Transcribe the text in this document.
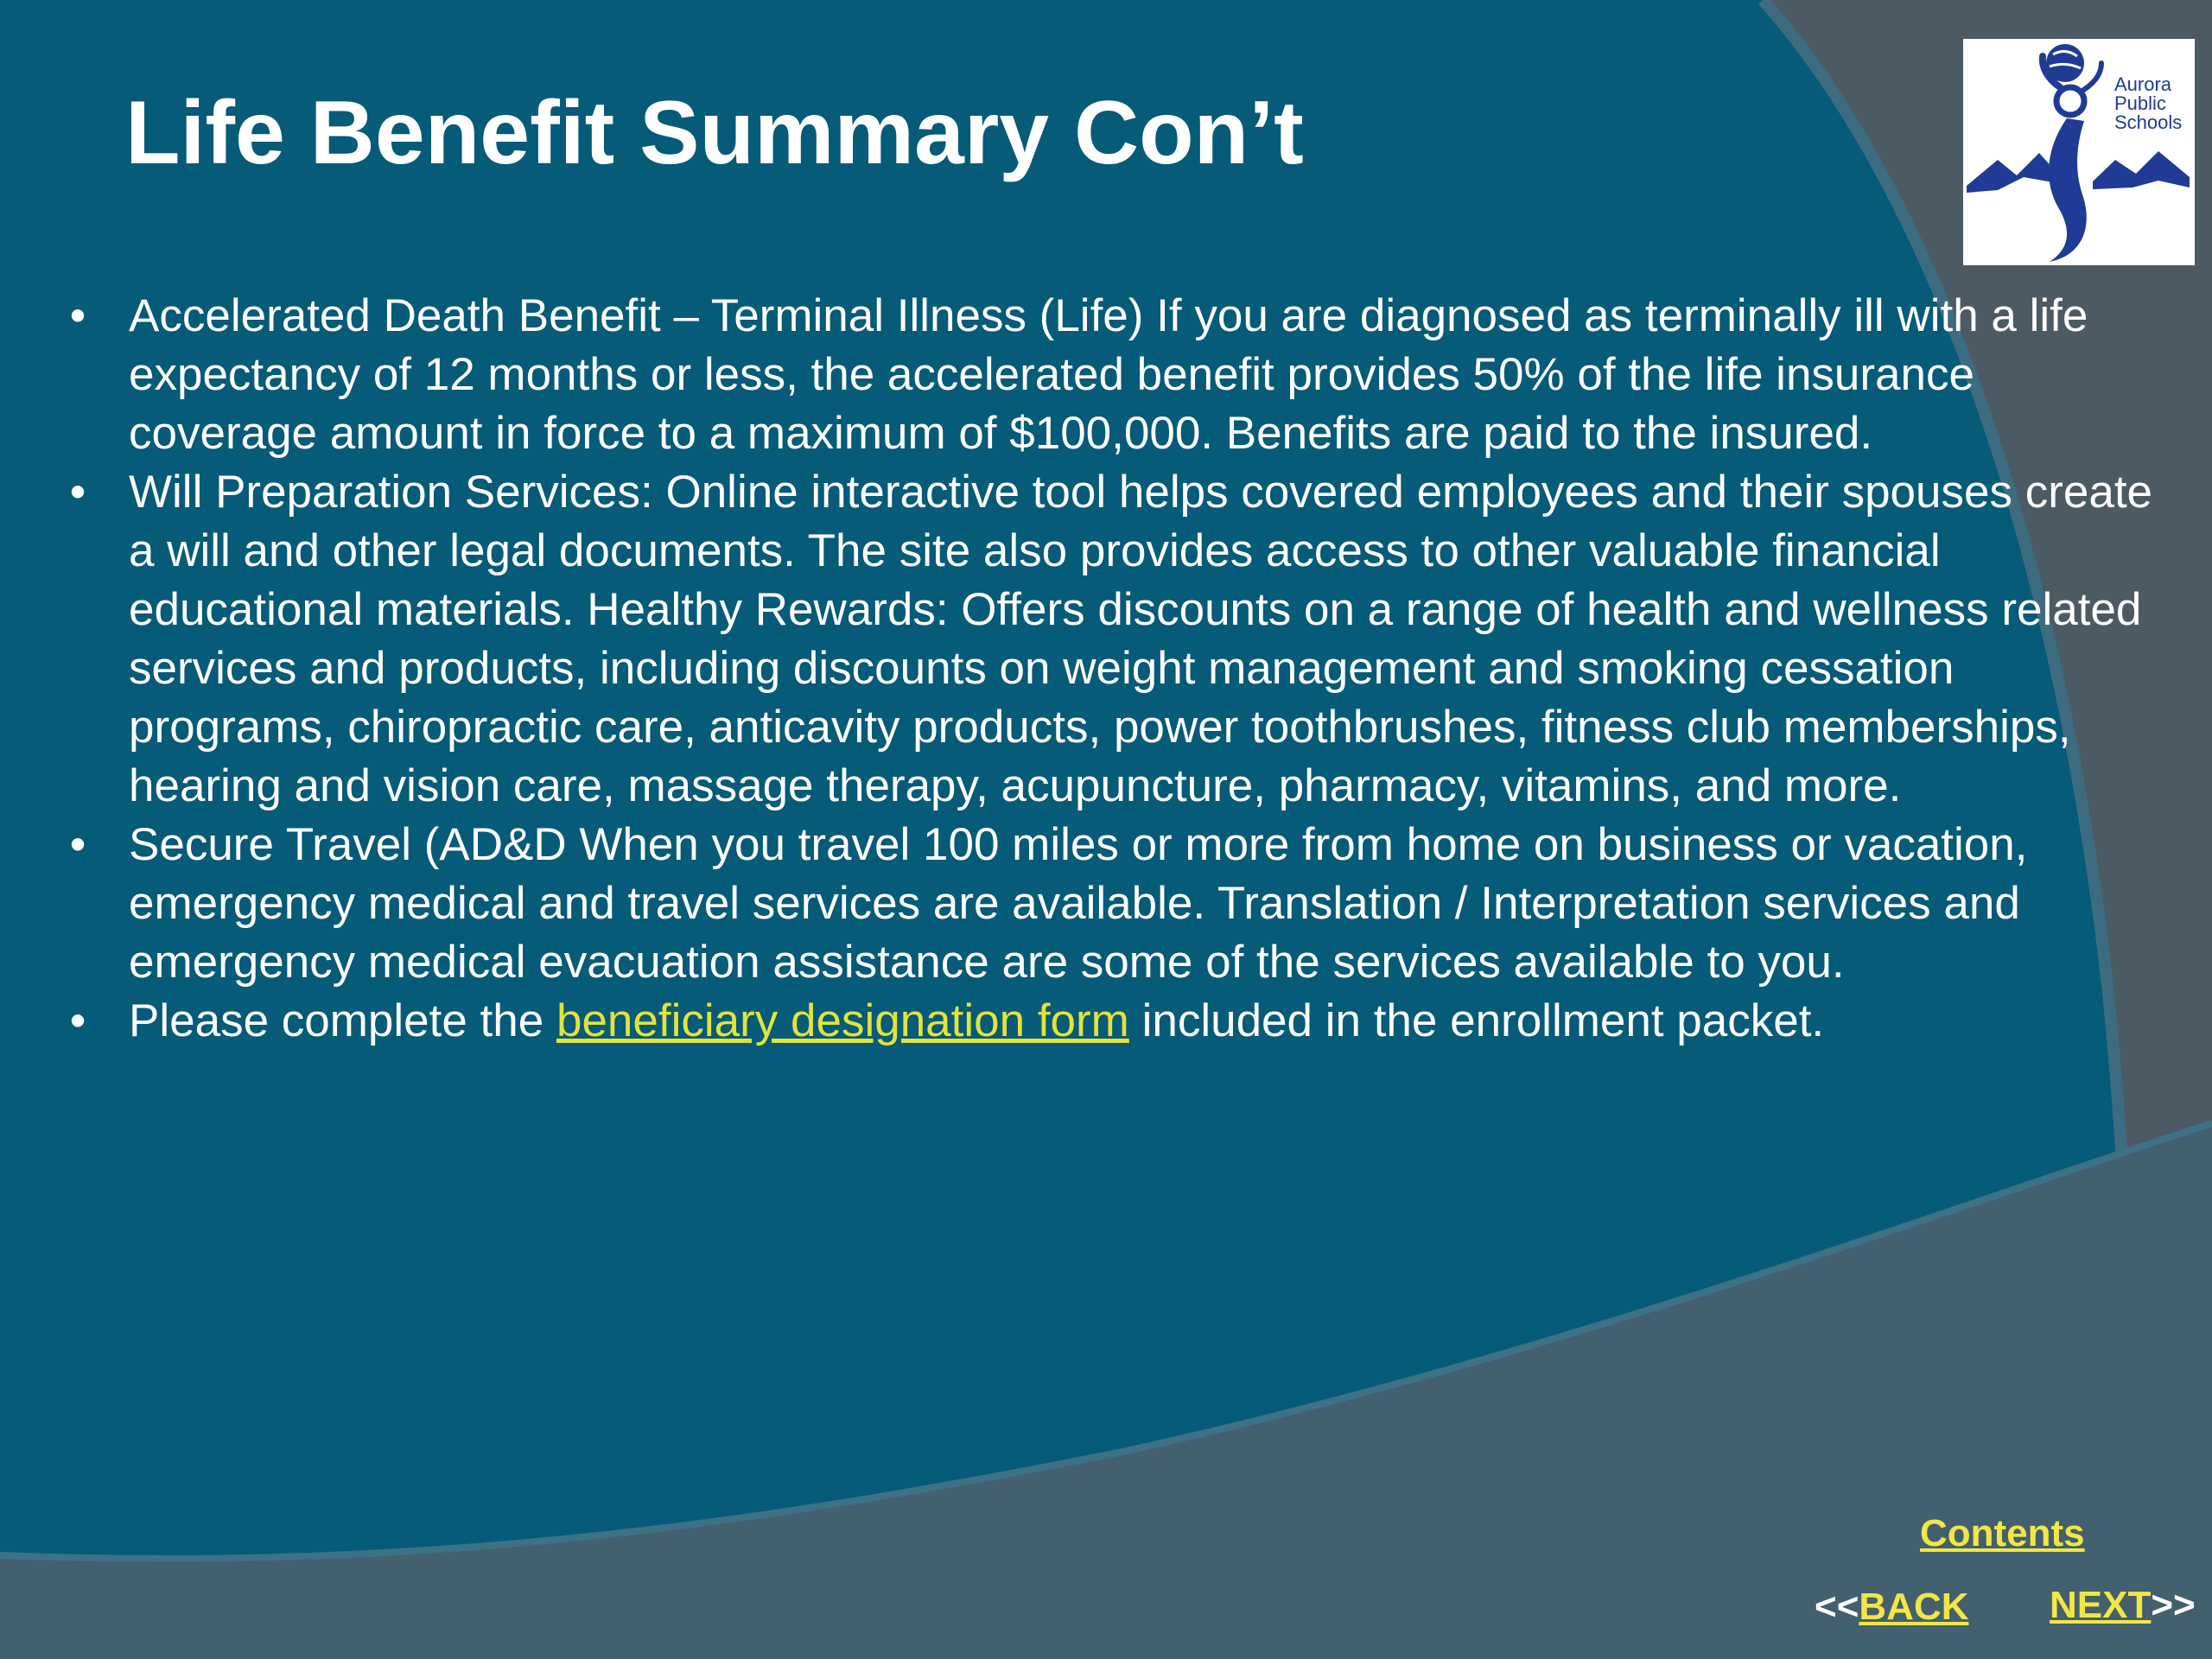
Life Benefit Summary Con’t	Aurora
Public
Schools
• Accelerated Death Benefit – Terminal Illness (Life) If you are diagnosed as terminally ill with a life expectancy of 12 months or less, the accelerated benefit provides 50% of the life insurance coverage amount in force to a maximum of $100,000. Benefits are paid to the insured.
• Will Preparation Services: Online interactive tool helps covered employees and their spouses create a will and other legal documents. The site also provides access to other valuable financial educational materials. Healthy Rewards: Offers discounts on a range of health and wellness related services and products, including discounts on weight management and smoking cessation programs, chiropractic care, anticavity products, power toothbrushes, fitness club memberships, hearing and vision care, massage therapy, acupuncture, pharmacy, vitamins, and more.
• Secure Travel (AD&D When you travel 100 miles or more from home on business or vacation, emergency medical and travel services are available. Translation / Interpretation services and emergency medical evacuation assistance are some of the services available to you.
• Please complete the beneficiary designation form included in the enrollment packet.
Contents
<<BACK NEXT>>
